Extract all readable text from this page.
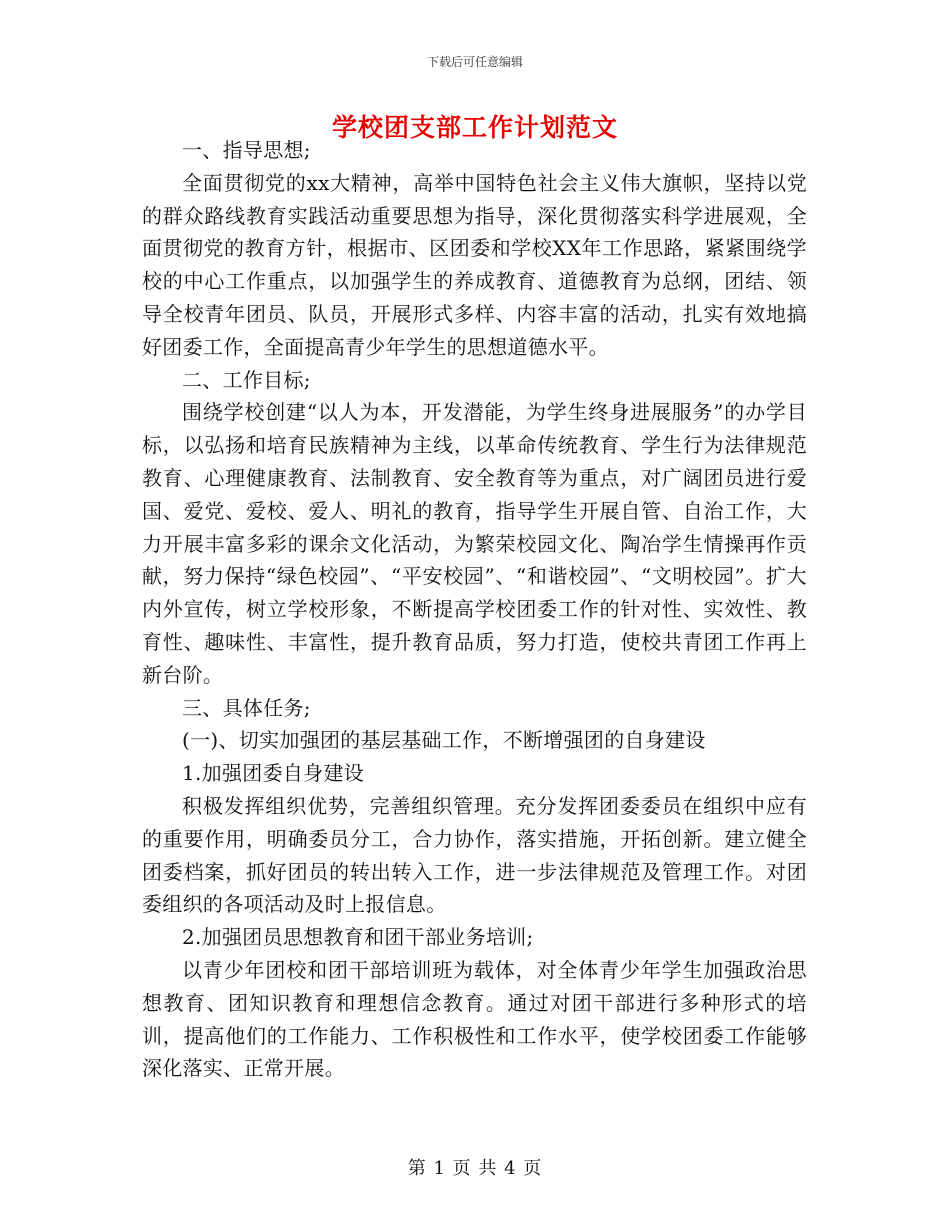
下载后可任意编辑
学校团支部工作计划范文

一、指导思想;

全面贯彻党的xx大精神，高举中国特色社会主义伟大旗帜，坚持以党的群众路线教育实践活动重要思想为指导，深化贯彻落实科学进展观，全面贯彻党的教育方针，根据市、区团委和学校XX年工作思路，紧紧围绕学校的中心工作重点，以加强学生的养成教育、道德教育为总纲，团结、领导全校青年团员、队员，开展形式多样、内容丰富的活动，扎实有效地搞好团委工作，全面提高青少年学生的思想道德水平。

二、工作目标;

围绕学校创建“以人为本，开发潜能，为学生终身进展服务”的办学目标，以弘扬和培育民族精神为主线，以革命传统教育、学生行为法律规范教育、心理健康教育、法制教育、安全教育等为重点，对广阔团员进行爱国、爱党、爱校、爱人、明礼的教育，指导学生开展自管、自治工作，大力开展丰富多彩的课余文化活动，为繁荣校园文化、陶冶学生情操再作贡献，努力保持“绿色校园”、“平安校园”、“和谐校园”、“文明校园”。扩大内外宣传，树立学校形象，不断提高学校团委工作的针对性、实效性、教育性、趣味性、丰富性，提升教育品质，努力打造，使校共青团工作再上新台阶。

三、具体任务;

(一)、切实加强团的基层基础工作，不断增强团的自身建设

1.加强团委自身建设

积极发挥组织优势，完善组织管理。充分发挥团委委员在组织中应有的重要作用，明确委员分工，合力协作，落实措施，开拓创新。建立健全团委档案，抓好团员的转出转入工作，进一步法律规范及管理工作。对团委组织的各项活动及时上报信息。

2.加强团员思想教育和团干部业务培训;

以青少年团校和团干部培训班为载体，对全体青少年学生加强政治思想教育、团知识教育和理想信念教育。通过对团干部进行多种形式的培训，提高他们的工作能力、工作积极性和工作水平，使学校团委工作能够深化落实、正常开展。

第 1 页 共 4 页
